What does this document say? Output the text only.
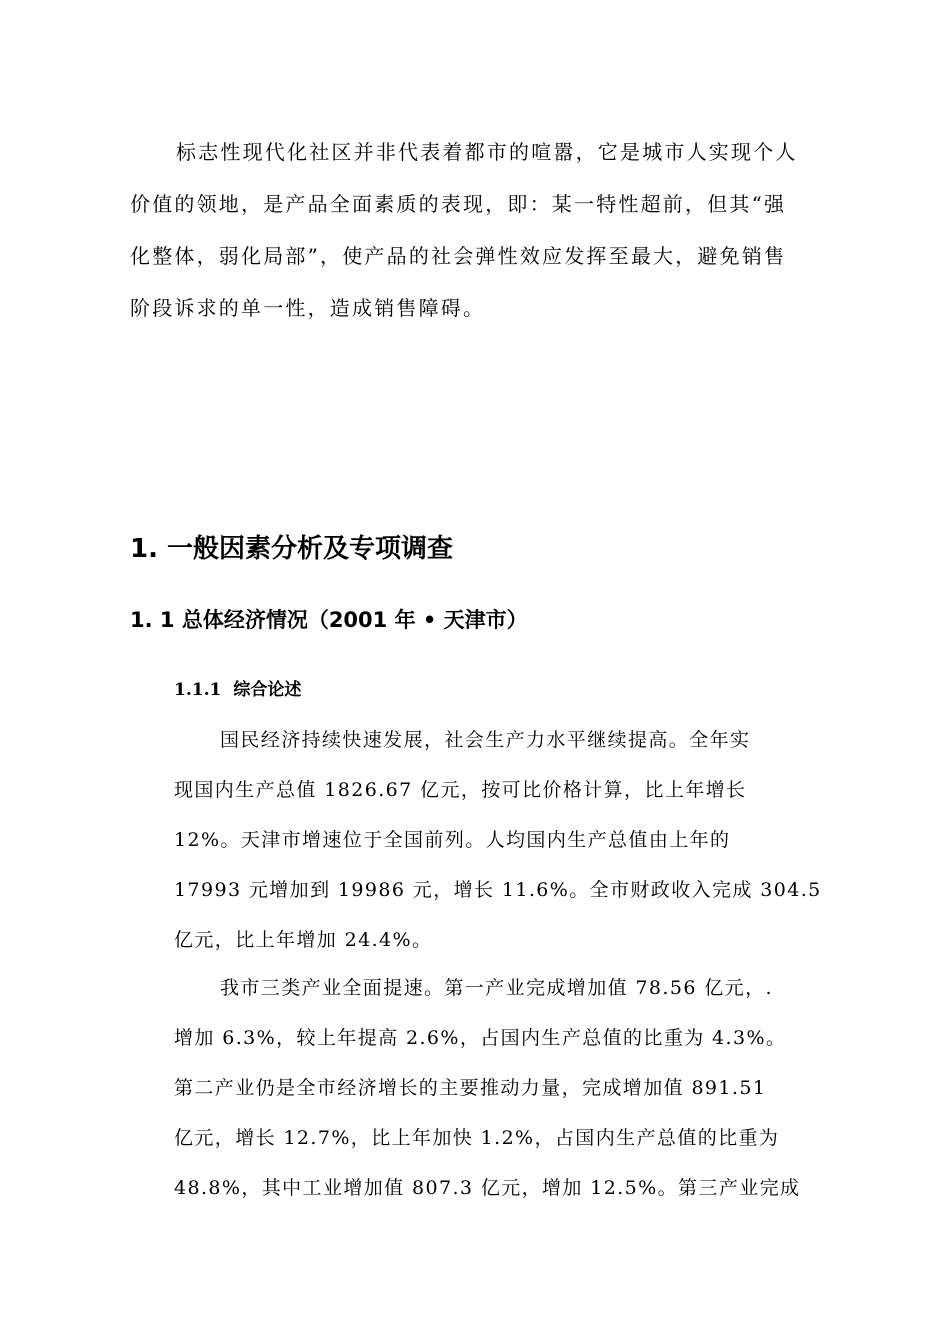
标志性现代化社区并非代表着都市的喧嚣，它是城市人实现个人
价值的领地，是产品全面素质的表现，即：某一特性超前，但其“强
化整体，弱化局部”，使产品的社会弹性效应发挥至最大，避免销售
阶段诉求的单一性，造成销售障碍。
1. 一般因素分析及专项调查
1. 1 总体经济情况（2001 年 • 天津市）
1.1.1 综合论述
国民经济持续快速发展，社会生产力水平继续提高。全年实
现国内生产总值 1826.67 亿元，按可比价格计算，比上年增长
12%。天津市增速位于全国前列。人均国内生产总值由上年的
17993 元增加到 19986 元，增长 11.6%。全市财政收入完成 304.5
亿元，比上年增加 24.4%。
我市三类产业全面提速。第一产业完成增加值 78.56 亿元，.
增加 6.3%，较上年提高 2.6%，占国内生产总值的比重为 4.3%。
第二产业仍是全市经济增长的主要推动力量，完成增加值 891.51
亿元，增长 12.7%，比上年加快 1.2%，占国内生产总值的比重为
48.8%，其中工业增加值 807.3 亿元，增加 12.5%。第三产业完成
